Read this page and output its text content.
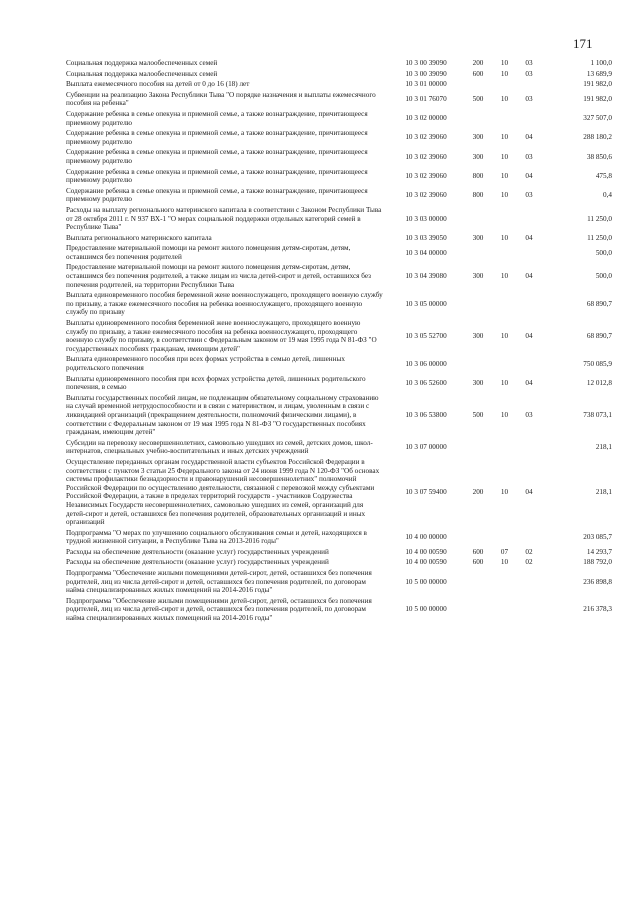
171
Социальная поддержка малообеспеченных семей	10 3 00 39090	200	10	03	1 100,0
Социальная поддержка малообеспеченных семей	10 3 00 39090	600	10	03	13 689,9
Выплата ежемесячного пособия на детей от 0 до 16 (18) лет	10 3 01 00000				191 982,0
Субвенции на реализацию Закона Республики Тыва "О порядке назначения и выплаты ежемесячного пособия на ребенка"	10 3 01 76070	500	10	03	191 982,0
Содержание ребенка в семье опекуна и приемной семье, а также вознаграждение, причитающееся приемному родителю	10 3 02 00000				327 507,0
Содержание ребенка в семье опекуна и приемной семье, а также вознаграждение, причитающееся приемному родителю	10 3 02 39060	300	10	04	288 180,2
Содержание ребенка в семье опекуна и приемной семье, а также вознаграждение, причитающееся приемному родителю	10 3 02 39060	300	10	03	38 850,6
Содержание ребенка в семье опекуна и приемной семье, а также вознаграждение, причитающееся приемному родителю	10 3 02 39060	800	10	04	475,8
Содержание ребенка в семье опекуна и приемной семье, а также вознаграждение, причитающееся приемному родителю	10 3 02 39060	800	10	03	0,4
Расходы на выплату регионального материнского капитала в соответствии с Законом Республики Тыва от 28 октября 2011 г. N 937 ВХ-1 "О мерах социальной поддержки отдельных категорий семей в Республике Тыва"	10 3 03 00000				11 250,0
Выплата регионального материнского капитала	10 3 03 39050	300	10	04	11 250,0
Предоставление материальной помощи на ремонт жилого помещения детям-сиротам, детям, оставшимся без попечения родителей	10 3 04 00000				500,0
Предоставление материальной помощи на ремонт жилого помещения детям-сиротам, детям, оставшимся без попечения родителей, а также лицам из числа детей-сирот и детей, оставшихся без попечения родителей, на территории Республики Тыва	10 3 04 39080	300	10	04	500,0
Выплата единовременного пособия беременной жене военнослужащего, проходящего военную службу по призыву, а также ежемесячного пособия на ребенка военнослужащего, проходящего военную службу по призыву	10 3 05 00000				68 890,7
Выплаты единовременного пособия беременной жене военнослужащего, проходящего военную службу по призыву, а также ежемесячного пособия на ребенка военнослужащего, проходящего военную службу по призыву, в соответствии с Федеральным законом от 19 мая 1995 года N 81-ФЗ "О государственных пособиях гражданам, имеющим детей"	10 3 05 52700	300	10	04	68 890,7
Выплата единовременного пособия при всех формах устройства в семью детей, лишенных родительского попечения	10 3 06 00000				750 085,9
Выплаты единовременного пособия при всех формах устройства детей, лишенных родительского попечения, в семью	10 3 06 52600	300	10	04	12 012,8
Выплаты государственных пособий лицам, не подлежащим обязательному социальному страхованию на случай временной нетрудоспособности и в связи с материнством, и лицам, уволенным в связи с ликвидацией организаций (прекращением деятельности, полномочий физическими лицами), в соответствии с Федеральным законом от 19 мая 1995 года N 81-ФЗ "О государственных пособиях гражданам, имеющим детей"	10 3 06 53800	500	10	03	738 073,1
Субсидии на перевозку несовершеннолетних, самовольно ушедших из семей, детских домов, школ-интернатов, специальных учебно-воспитательных и иных детских учреждений	10 3 07 00000				218,1
Осуществление переданных органам государственной власти субъектов Российской Федерации в соответствии с пунктом 3 статьи 25 Федерального закона от 24 июня 1999 года N 120-ФЗ "Об основах системы профилактики безнадзорности и правонарушений несовершеннолетних" полномочий Российской Федерации по осуществлению деятельности, связанной с перевозкой между субъектами Российской Федерации, а также в пределах территорий государств - участников Содружества Независимых Государств несовершеннолетних, самовольно ушедших из семей, организаций для детей-сирот и детей, оставшихся без попечения родителей, образовательных организаций и иных организаций	10 3 07 59400	200	10	04	218,1
Подпрограмма "О мерах по улучшению социального обслуживания семьи и детей, находящихся в трудной жизненной ситуации, в Республике Тыва на 2013-2016 годы"	10 4 00 00000				203 085,7
Расходы на обеспечение деятельности (оказание услуг) государственных учреждений	10 4 00 00590	600	07	02	14 293,7
Расходы на обеспечение деятельности (оказание услуг) государственных учреждений	10 4 00 00590	600	10	02	188 792,0
Подпрограмма "Обеспечение жилыми помещениями детей-сирот, детей, оставшихся без попечения родителей, лиц из числа детей-сирот и детей, оставшихся без попечения родителей, по договорам найма специализированных жилых помещений на 2014-2016 годы"	10 5 00 00000				236 898,8
Подпрограмма "Обеспечение жилыми помещениями детей-сирот, детей, оставшихся без попечения родителей, лиц из числа детей-сирот и детей, оставшихся без попечения родителей, по договорам найма специализированных жилых помещений на 2014-2016 годы"	10 5 00 00000				216 378,3
